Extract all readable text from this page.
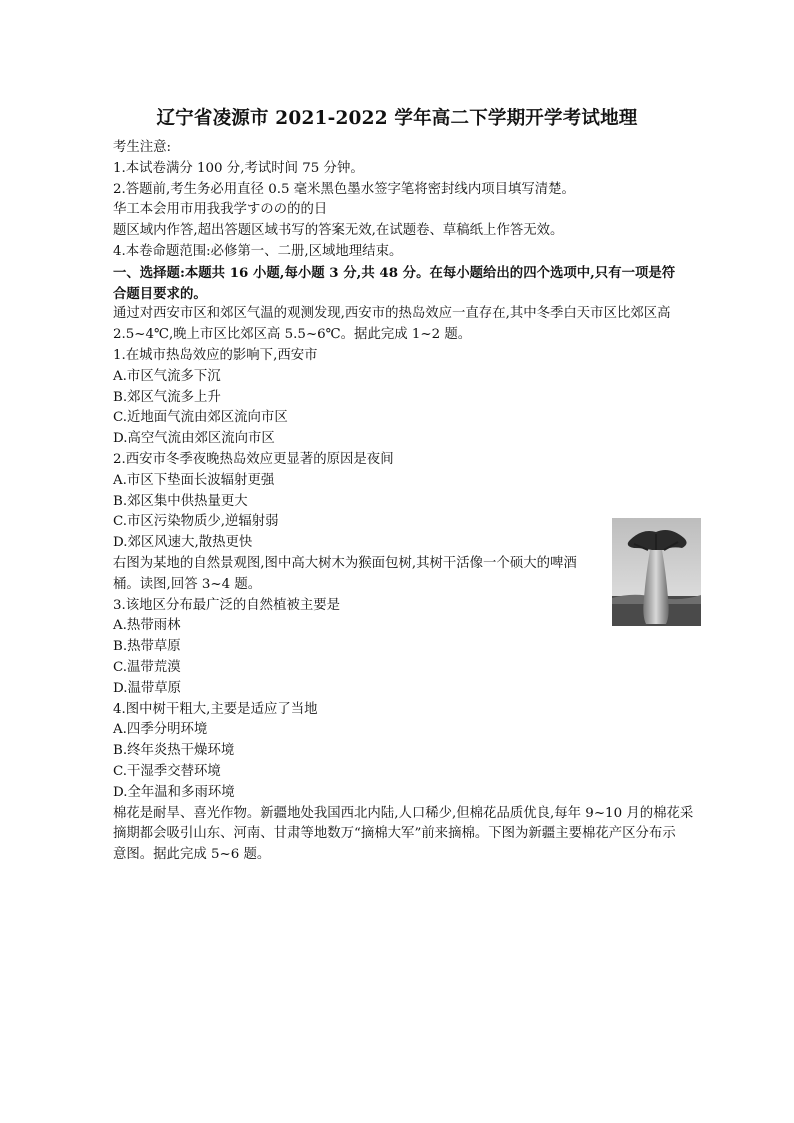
辽宁省凌源市 2021-2022 学年高二下学期开学考试地理

考生注意:

1.本试卷满分 100 分,考试时间 75 分钟。

2.答题前,考生务必用直径 0.5 毫米黑色墨水签字笔将密封线内项目填写清楚。

华工本会用市用我我学すのの的的日

题区域内作答,超出答题区域书写的答案无效,在试题卷、草稿纸上作答无效。

4.本卷命题范围:必修第一、二册,区域地理结束。

一、选择题:本题共 16 小题,每小题 3 分,共 48 分。在每小题给出的四个选项中,只有一项是符

合题目要求的。

通过对西安市区和郊区气温的观测发现,西安市的热岛效应一直存在,其中冬季白天市区比郊区高

2.5~4℃,晚上市区比郊区高 5.5~6℃。据此完成 1~2 题。

1.在城市热岛效应的影响下,西安市

A.市区气流多下沉

B.郊区气流多上升

C.近地面气流由郊区流向市区

D.高空气流由郊区流向市区

2.西安市冬季夜晚热岛效应更显著的原因是夜间

A.市区下垫面长波辐射更强

B.郊区集中供热量更大

C.市区污染物质少,逆辐射弱

D.郊区风速大,散热更快

右图为某地的自然景观图,图中高大树木为猴面包树,其树干活像一个硕大的啤酒

桶。读图,回答 3~4 题。

3.该地区分布最广泛的自然植被主要是

A.热带雨林

B.热带草原

C.温带荒漠

D.温带草原

4.图中树干粗大,主要是适应了当地

A.四季分明环境

B.终年炎热干燥环境

C.干湿季交替环境

D.全年温和多雨环境

棉花是耐旱、喜光作物。新疆地处我国西北内陆,人口稀少,但棉花品质优良,每年 9~10 月的棉花采

摘期都会吸引山东、河南、甘肃等地数万“摘棉大军”前来摘棉。下图为新疆主要棉花产区分布示

意图。据此完成 5~6 题。
